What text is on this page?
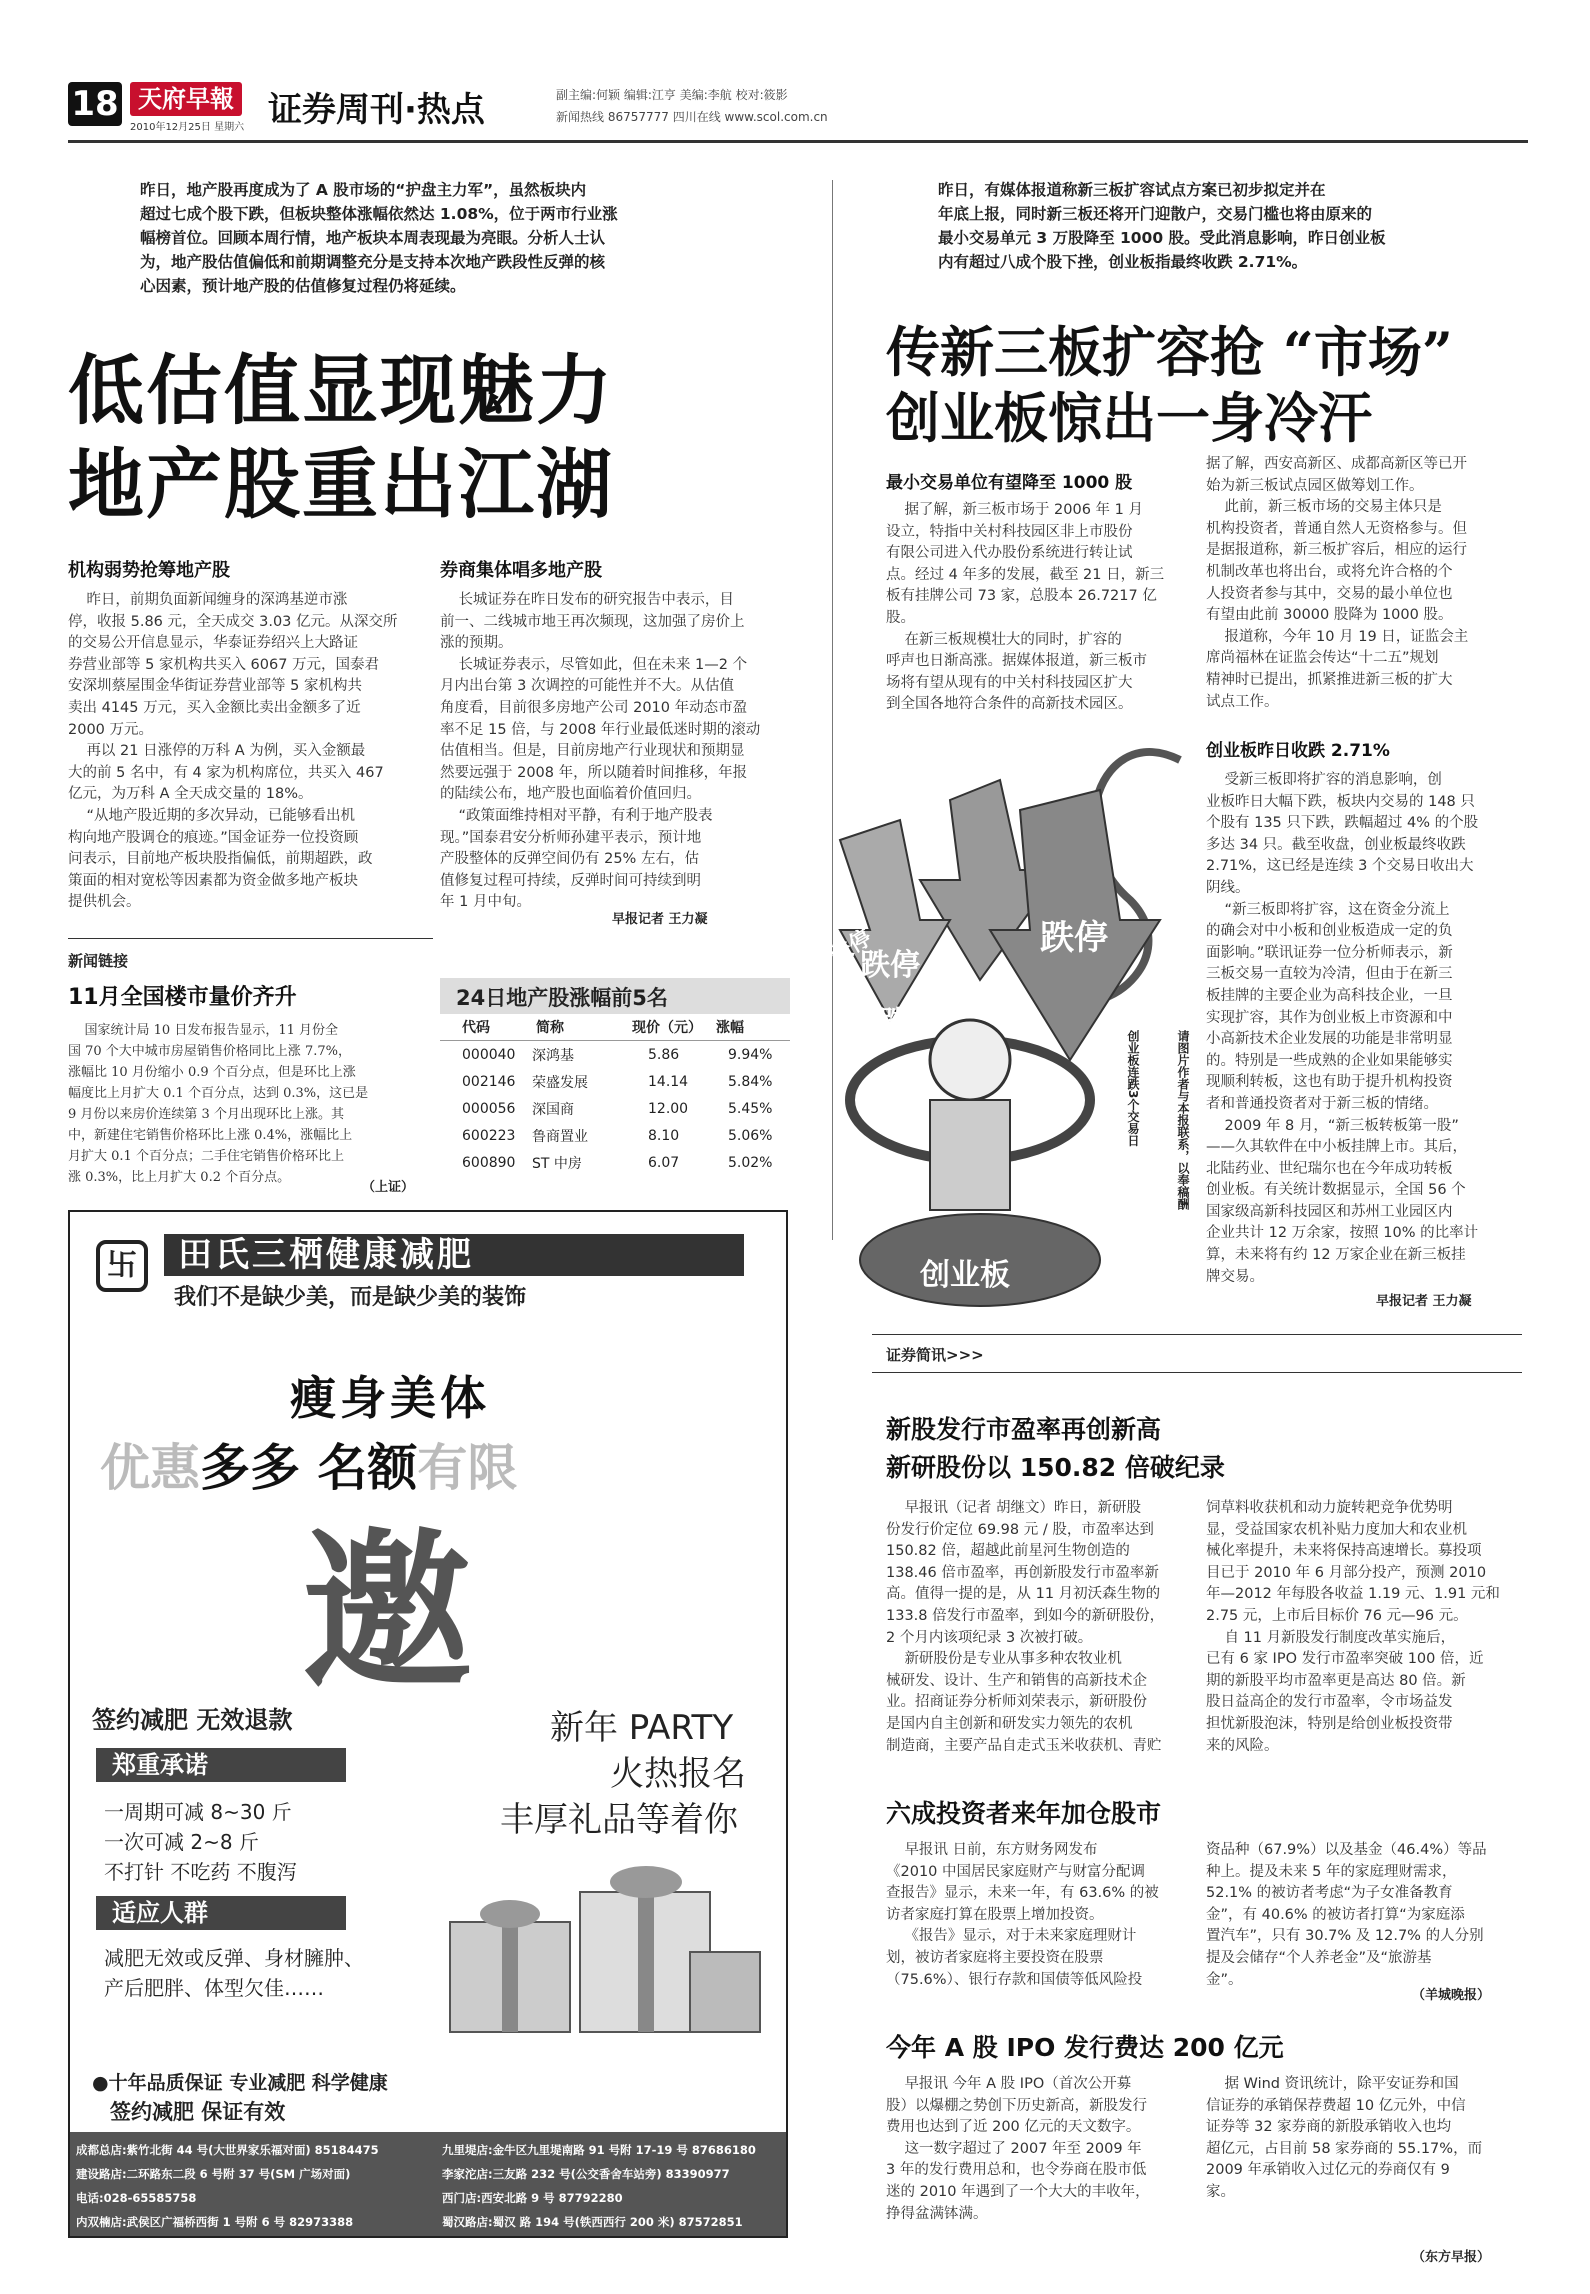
18 天府早報
2010年12月25日 星期六 证券周刊·热点	副主编:何颖 编辑:江亨 美编:李航 校对:筱影
新闻热线 86757777 四川在线 www.scol.com.cn
昨日，地产股再度成为了 A 股市场的“护盘主力军”，虽然板块内
超过七成个股下跌，但板块整体涨幅依然达 1.08%，位于两市行业涨
幅榜首位。回顾本周行情，地产板块本周表现最为亮眼。分析人士认
为，地产股估值偏低和前期调整充分是支持本次地产跌段性反弹的核
心因素，预计地产股的估值修复过程仍将延续。
低估值显现魅力
地产股重出江湖
机构弱势抢筹地产股
昨日，前期负面新闻缠身的深鸿基逆市涨
停，收报 5.86 元，全天成交 3.03 亿元。从深交所
的交易公开信息显示，华泰证券绍兴上大路证
券营业部等 5 家机构共买入 6067 万元，国泰君
安深圳蔡屋围金华街证券营业部等 5 家机构共
卖出 4145 万元，买入金额比卖出金额多了近
2000 万元。
再以 21 日涨停的万科 A 为例，买入金额最
大的前 5 名中，有 4 家为机构席位，共买入 467
亿元，为万科 A 全天成交量的 18%。
“从地产股近期的多次异动，已能够看出机
构向地产股调仓的痕迹。”国金证券一位投资顾
问表示，目前地产板块股指偏低，前期超跌，政
策面的相对宽松等因素都为资金做多地产板块
提供机会。
券商集体唱多地产股
长城证券在昨日发布的研究报告中表示，目
前一、二线城市地王再次频现，这加强了房价上
涨的预期。
长城证券表示，尽管如此，但在未来 1—2 个
月内出台第 3 次调控的可能性并不大。从估值
角度看，目前很多房地产公司 2010 年动态市盈
率不足 15 倍，与 2008 年行业最低迷时期的滚动
估值相当。但是，目前房地产行业现状和预期显
然要远强于 2008 年，所以随着时间推移，年报
的陆续公布，地产股也面临着价值回归。
“政策面维持相对平静，有利于地产股表
现。”国泰君安分析师孙建平表示，预计地
产股整体的反弹空间仍有 25% 左右，估
值修复过程可持续，反弹时间可持续到明
年 1 月中旬。
早报记者 王力凝
新闻链接
11月全国楼市量价齐升
国家统计局 10 日发布报告显示，11 月份全
国 70 个大中城市房屋销售价格同比上涨 7.7%，
涨幅比 10 月份缩小 0.9 个百分点，但是环比上涨
幅度比上月扩大 0.1 个百分点，达到 0.3%，这已是
9 月份以来房价连续第 3 个月出现环比上涨。其
中，新建住宅销售价格环比上涨 0.4%，涨幅比上
月扩大 0.1 个百分点；二手住宅销售价格环比上
涨 0.3%，比上月扩大 0.2 个百分点。
（上证）
24日地产股涨幅前5名
代码	简称	现价（元）	涨幅
000040	深鸿基	5.86	9.94%
002146	荣盛发展	14.14	5.84%
000056	深国商	12.00	5.45%
600223	鲁商置业	8.10	5.06%
600890	ST 中房	6.07	5.02%
卐	田氏三栖健康减肥
我们不是缺少美，而是缺少美的装饰
瘦身美体
优惠多多 名额有限
邀
签约减肥 无效退款	新年 PARTY
火热报名
丰厚礼品等着你
郑重承诺
一周期可减 8~30 斤
一次可减 2~8 斤
不打针 不吃药 不腹泻
适应人群
减肥无效或反弹、身材臃肿、
产后肥胖、体型欠佳……
●十年品质保证 专业减肥 科学健康
签约减肥 保证有效
成都总店:紫竹北街 44 号(大世界家乐福对面) 85184475
建设路店:二环路东二段 6 号附 37 号(SM 广场对面)
电话:028-65585758
内双楠店:武侯区广福桥西街 1 号附 6 号 82973388
九里堤店:金牛区九里堤南路 91 号附 17-19 号 87686180
李家沱店:三友路 232 号(公交香舍车站旁) 83390977
西门店:西安北路 9 号 87792280
蜀汉路店:蜀汉 路 194 号(铁西西行 200 米) 87572851
昨日，有媒体报道称新三板扩容试点方案已初步拟定并在
年底上报，同时新三板还将开门迎散户，交易门槛也将由原来的
最小交易单元 3 万股降至 1000 股。受此消息影响，昨日创业板
内有超过八成个股下挫，创业板指最终收跌 2.71%。
传新三板扩容抢 “市场”
创业板惊出一身冷汗
最小交易单位有望降至 1000 股
据了解，新三板市场于 2006 年 1 月
设立，特指中关村科技园区非上市股份
有限公司进入代办股份系统进行转让试
点。经过 4 年多的发展，截至 21 日，新三
板有挂牌公司 73 家，总股本 26.7217 亿
股。
在新三板规模壮大的同时，扩容的
呼声也日渐高涨。据媒体报道，新三板市
场将有望从现有的中关村科技园区扩大
到全国各地符合条件的高新技术园区。
据了解，西安高新区、成都高新区等已开
始为新三板试点园区做筹划工作。
此前，新三板市场的交易主体只是
机构投资者，普通自然人无资格参与。但
是据报道称，新三板扩容后，相应的运行
机制改革也将出台，或将允许合格的个
人投资者参与其中，交易的最小单位也
有望由此前 30000 股降为 1000 股。
报道称，今年 10 月 19 日，证监会主
席尚福林在证监会传达“十二五”规划
精神时已提出，抓紧推进新三板的扩大
试点工作。
创业板昨日收跌 2.71%
受新三板即将扩容的消息影响，创
业板昨日大幅下跌，板块内交易的 148 只
个股有 135 只下跌，跌幅超过 4% 的个股
多达 34 只。截至收盘，创业板最终收跌
2.71%，这已经是连续 3 个交易日收出大
阴线。
“新三板即将扩容，这在资金分流上
的确会对中小板和创业板造成一定的负
面影响。”联讯证券一位分析师表示，新
三板交易一直较为冷清，但由于在新三
板挂牌的主要企业为高科技企业，一旦
实现扩容，其作为创业板上市资源和中
小高新技术企业发展的功能是非常明显
的。特别是一些成熟的企业如果能够实
现顺利转板，这也有助于提升机构投资
者和普通投资者对于新三板的情绪。
2009 年 8 月，“新三板转板第一股”
——久其软件在中小板挂牌上市。其后，
北陆药业、世纪瑞尔也在今年成功转板
创业板。有关统计数据显示，全国 56 个
国家级高新科技园区和苏州工业园区内
企业共计 12 万余家，按照 10% 的比率计
算，未来将有约 12 万家企业在新三板挂
牌交易。
早报记者 王力凝
跌停
跌停
跌停
跌停
创业板
创业板连跌3个交易日	请图片作者与本报联系，以奉稿酬
证券简讯>>>
新股发行市盈率再创新高
新研股份以 150.82 倍破纪录
早报讯（记者 胡继文）昨日，新研股
份发行价定位 69.98 元 / 股，市盈率达到
150.82 倍，超越此前星河生物创造的
138.46 倍市盈率，再创新股发行市盈率新
高。值得一提的是，从 11 月初沃森生物的
133.8 倍发行市盈率，到如今的新研股份，
2 个月内该项纪录 3 次被打破。
新研股份是专业从事多种农牧业机
械研发、设计、生产和销售的高新技术企
业。招商证券分析师刘荣表示，新研股份
是国内自主创新和研发实力领先的农机
制造商，主要产品自走式玉米收获机、青贮
饲草料收获机和动力旋转耙竞争优势明
显，受益国家农机补贴力度加大和农业机
械化率提升，未来将保持高速增长。募投项
目已于 2010 年 6 月部分投产，预测 2010
年—2012 年每股各收益 1.19 元、1.91 元和
2.75 元，上市后目标价 76 元—96 元。
自 11 月新股发行制度改革实施后，
已有 6 家 IPO 发行市盈率突破 100 倍，近
期的新股平均市盈率更是高达 80 倍。新
股日益高企的发行市盈率，令市场益发
担忧新股泡沫，特别是给创业板投资带
来的风险。
六成投资者来年加仓股市
早报讯 日前，东方财务网发布
《2010 中国居民家庭财产与财富分配调
查报告》显示，未来一年，有 63.6% 的被
访者家庭打算在股票上增加投资。
《报告》显示，对于未来家庭理财计
划，被访者家庭将主要投资在股票
（75.6%）、银行存款和国债等低风险投
资品种（67.9%）以及基金（46.4%）等品
种上。提及未来 5 年的家庭理财需求，
52.1% 的被访者考虑“为子女准备教育
金”，有 40.6% 的被访者打算“为家庭添
置汽车”，只有 30.7% 及 12.7% 的人分别
提及会储存“个人养老金”及“旅游基
金”。
（羊城晚报）
今年 A 股 IPO 发行费达 200 亿元
早报讯 今年 A 股 IPO（首次公开募
股）以爆棚之势创下历史新高，新股发行
费用也达到了近 200 亿元的天文数字。
这一数字超过了 2007 年至 2009 年
3 年的发行费用总和，也令券商在股市低
迷的 2010 年遇到了一个大大的丰收年，
挣得盆满钵满。
据 Wind 资讯统计，除平安证券和国
信证券的承销保荐费超 10 亿元外，中信
证券等 32 家券商的新股承销收入也均
超亿元，占目前 58 家券商的 55.17%，而
2009 年承销收入过亿元的券商仅有 9
家。
（东方早报）
